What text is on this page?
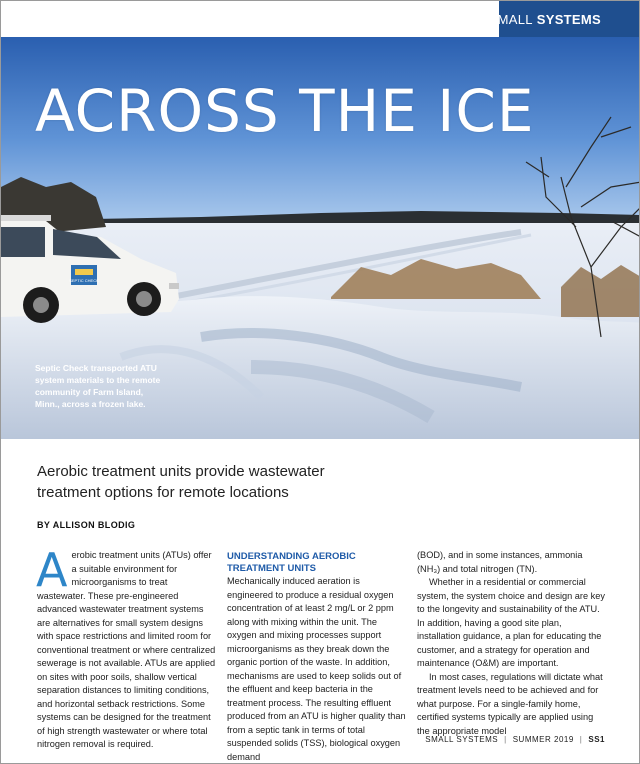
SMALL SYSTEMS
SEPTIC CHECK
ACROSS THE ICE
Septic Check transported ATU system materials to the remote community of Farm Island, Minn., across a frozen lake.
Aerobic treatment units provide wastewater treatment options for remote locations
BY ALLISON BLODIG

Aerobic treatment units (ATUs) offer a suitable environment for microorganisms to treat wastewater. These pre-engineered advanced wastewater treatment systems are alternatives for small system designs with space restrictions and limited room for conventional treatment or where centralized sewerage is not available. ATUs are applied on sites with poor soils, shallow vertical separation distances to limiting conditions, and horizontal setback restrictions. Some systems can be designed for the treatment of high strength wastewater or where total nitrogen removal is required.

UNDERSTANDING AEROBIC TREATMENT UNITS

Mechanically induced aeration is engineered to produce a residual oxygen concentration of at least 2 mg/L or 2 ppm along with mixing within the unit. The oxygen and mixing processes support microorganisms as they break down the organic portion of the waste. In addition, mechanisms are used to keep solids out of the effluent and keep bacteria in the treatment process. The resulting effluent produced from an ATU is higher quality than from a septic tank in terms of total suspended solids (TSS), biological oxygen demand

(BOD), and in some instances, ammonia (NH₃) and total nitrogen (TN).

Whether in a residential or commercial system, the system choice and design are key to the longevity and sustainability of the ATU. In addition, having a good site plan, installation guidance, a plan for educating the customer, and a strategy for operation and maintenance (O&M) are important.

In most cases, regulations will dictate what treatment levels need to be achieved and for what purpose. For a single-family home, certified systems typically are applied using the appropriate model

SMALL SYSTEMS | SUMMER 2019 | SS1
